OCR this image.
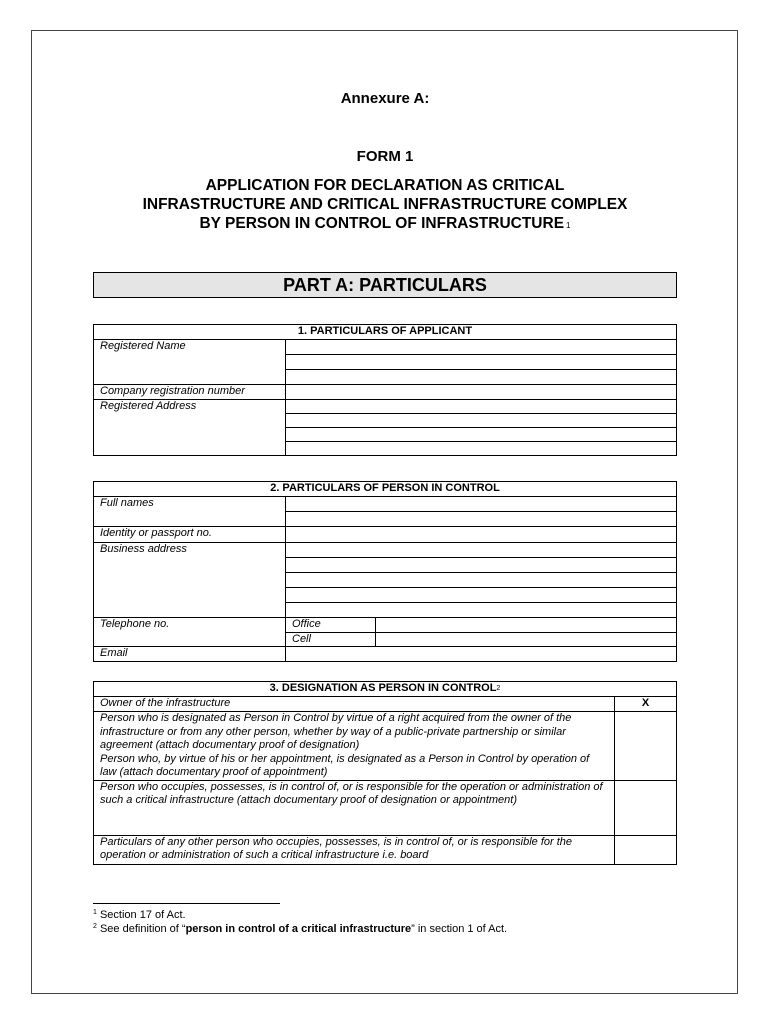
Annexure A:
FORM 1
APPLICATION FOR DECLARATION AS CRITICAL
INFRASTRUCTURE AND CRITICAL INFRASTRUCTURE COMPLEX
BY PERSON IN CONTROL OF INFRASTRUCTURE $^1$
PART A: PARTICULARS
1. PARTICULARS OF APPLICANT	
Registered Name	

Company registration number	
Registered Address	

2. PARTICULARS OF PERSON IN CONTROL
Full names	

Identity or passport no.	

Business address	

Telephone no.	Office	
Cell	
Email	
3. DESIGNATION AS PERSON IN CONTROL$^2$
Owner of the infrastructure	X
Person who is designated as Person in Control by virtue of a right acquired from the owner of the infrastructure or from any other person, whether by way of a public-private partnership or similar agreement (attach documentary proof of designation)	
Person who, by virtue of his or her appointment, is designated as a Person in Control by operation of law (attach documentary proof of appointment)	
Person who occupies, possesses, is in control of, or is responsible for the operation or administration of such a critical infrastructure (attach documentary proof of designation or appointment)	
Particulars of any other person who occupies, possesses, is in control of, or is responsible for the operation or administration of such a critical infrastructure i.e. board	
$^1$ Section 17 of Act.
$^2$ See definition of “person in control of a critical infrastructure” in section 1 of Act.
